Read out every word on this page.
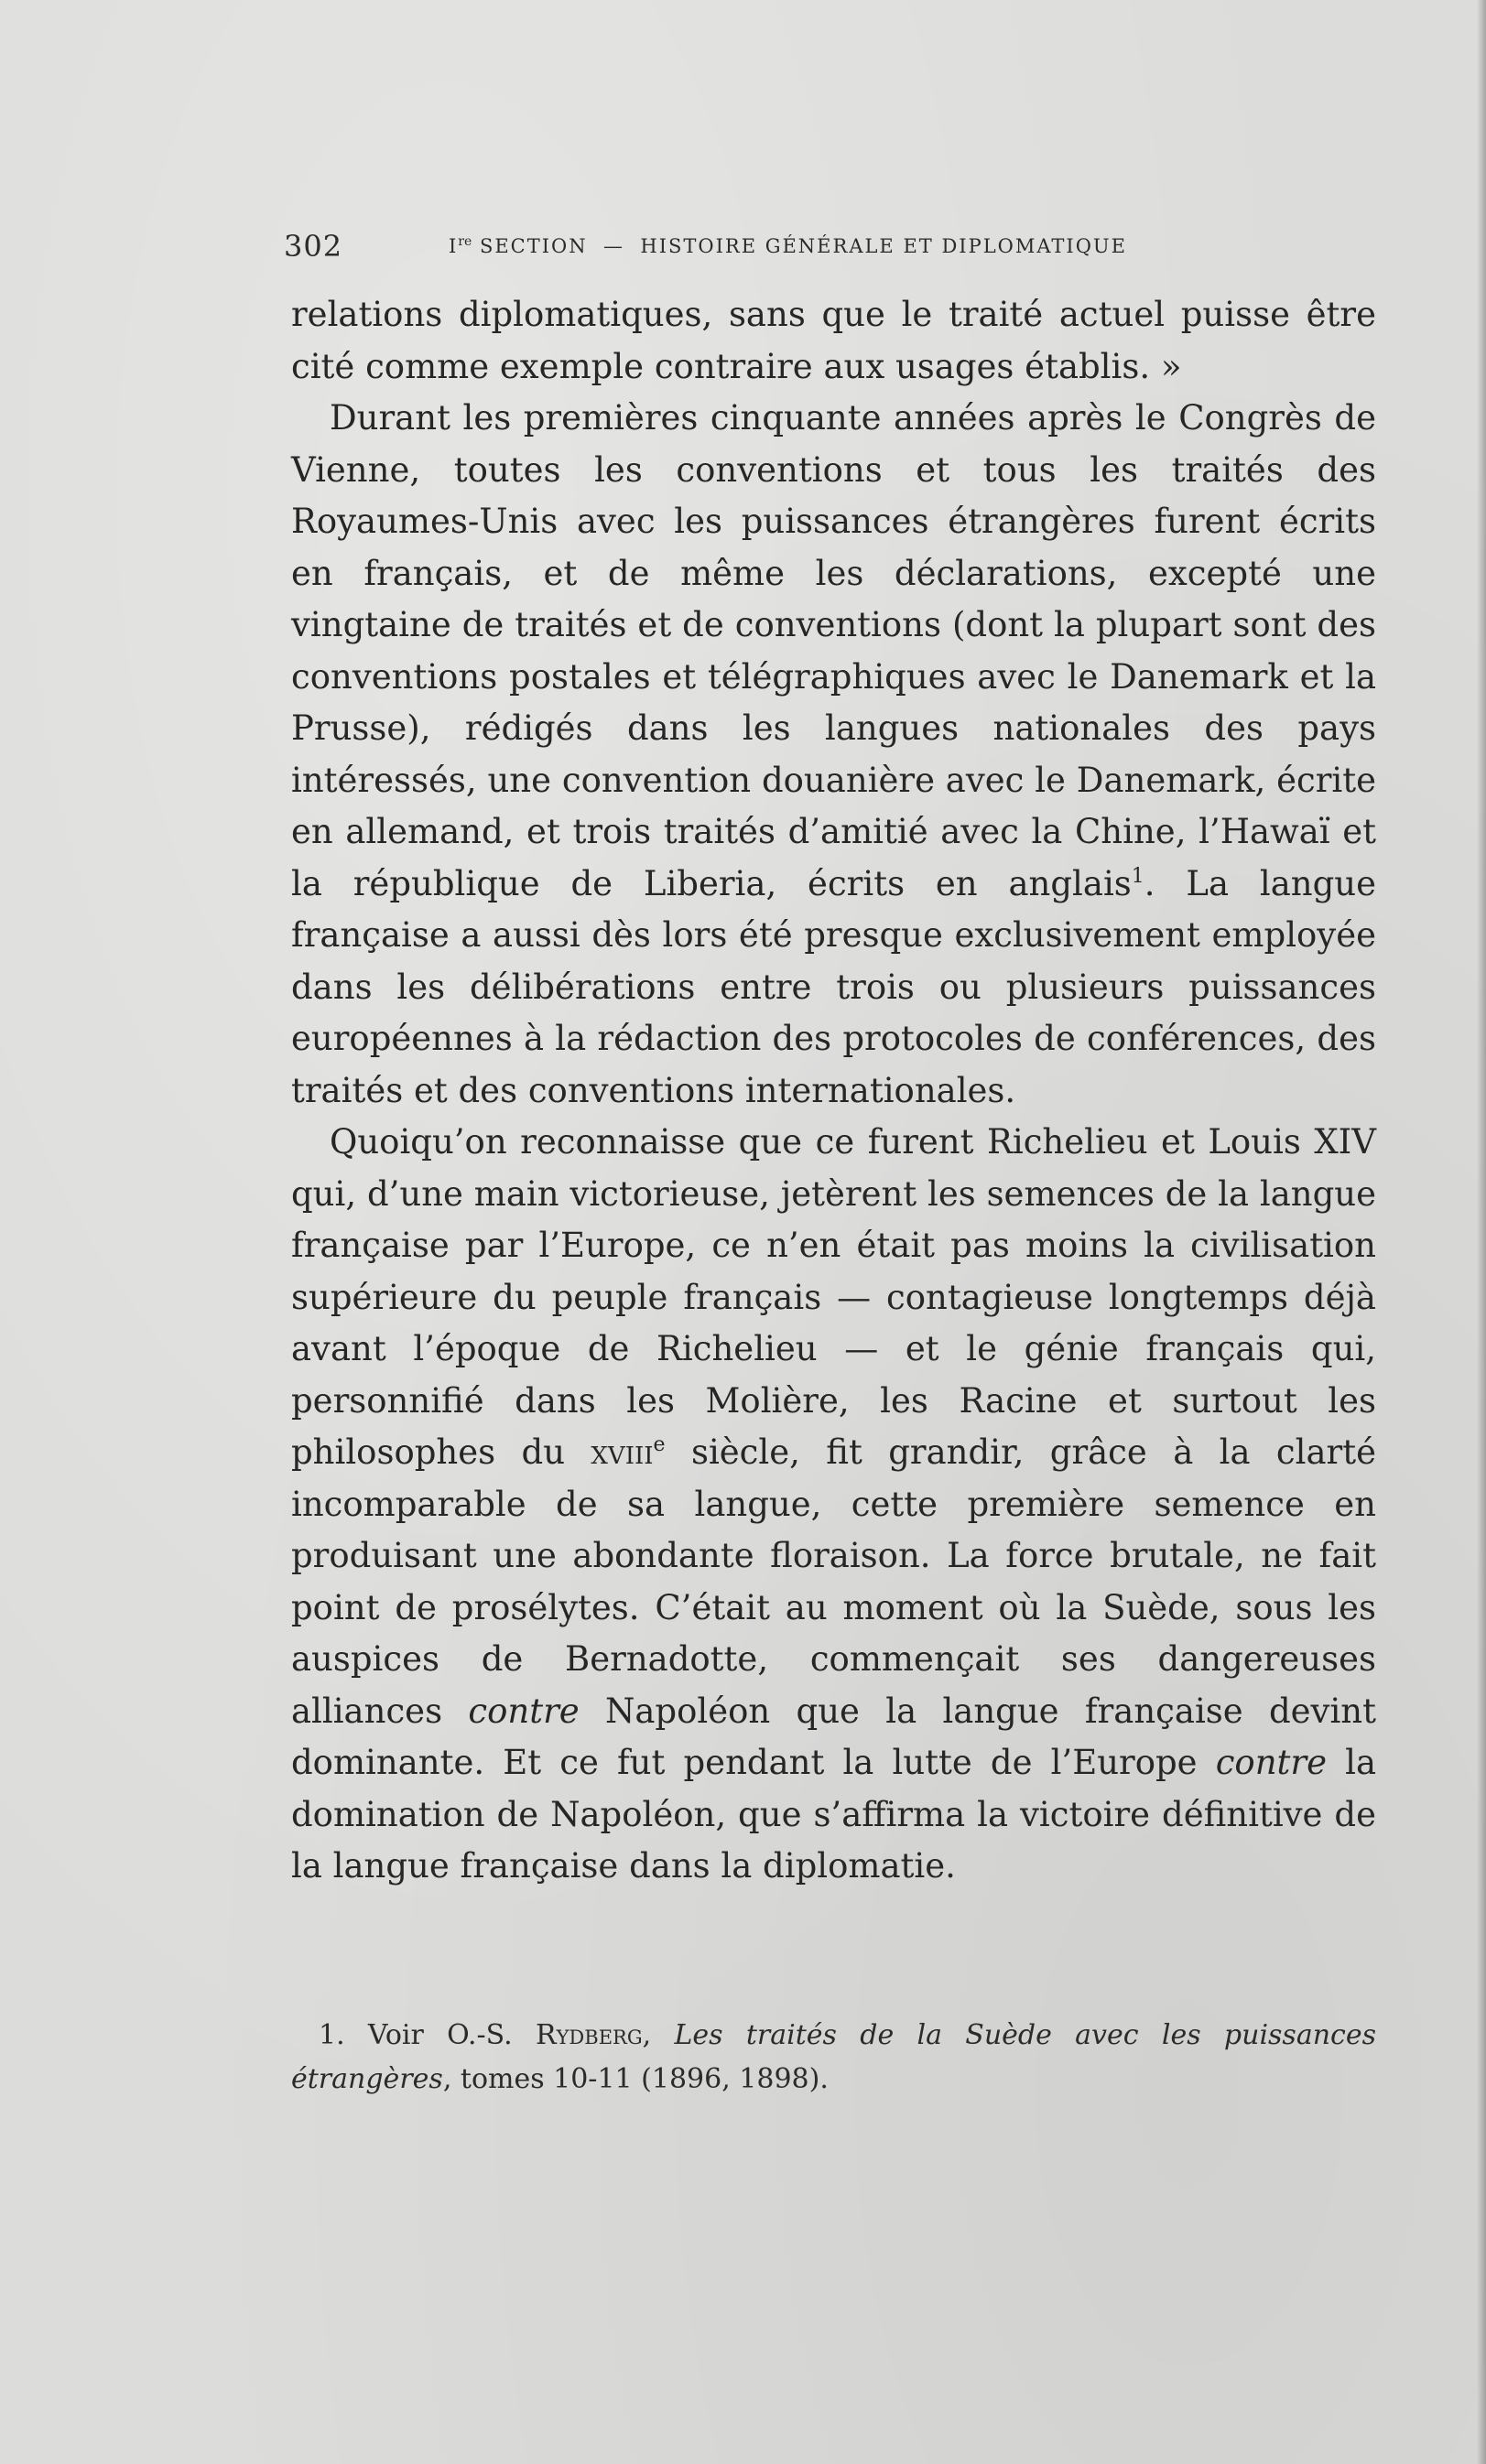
302	Ire SECTION — HISTOIRE GÉNÉRALE ET DIPLOMATIQUE

relations diplomatiques, sans que le traité actuel puisse être cité comme exemple contraire aux usages établis. »

Durant les premières cinquante années après le Congrès de Vienne, toutes les conventions et tous les traités des Royaumes-Unis avec les puissances étrangères furent écrits en français, et de même les déclarations, excepté une vingtaine de traités et de conventions (dont la plupart sont des conventions postales et télégraphiques avec le Danemark et la Prusse), rédigés dans les langues nationales des pays intéressés, une convention douanière avec le Danemark, écrite en allemand, et trois traités d’amitié avec la Chine, l’Hawaï et la république de Liberia, écrits en anglais$^1$. La langue française a aussi dès lors été presque exclusivement employée dans les délibérations entre trois ou plusieurs puissances européennes à la rédaction des protocoles de conférences, des traités et des conventions internationales.

Quoiqu’on reconnaisse que ce furent Richelieu et Louis XIV qui, d’une main victorieuse, jetèrent les semences de la langue française par l’Europe, ce n’en était pas moins la civilisation supérieure du peuple français — contagieuse longtemps déjà avant l’époque de Richelieu — et le génie français qui, personnifié dans les Molière, les Racine et surtout les philosophes du xviii$^e$ siècle, fit grandir, grâce à la clarté incomparable de sa langue, cette première semence en produisant une abondante floraison. La force brutale, ne fait point de prosélytes. C’était au moment où la Suède, sous les auspices de Bernadotte, commençait ses dangereuses alliances contre Napoléon que la langue française devint dominante. Et ce fut pendant la lutte de l’Europe contre la domination de Napoléon, que s’affirma la victoire définitive de la langue française dans la diplomatie.

1. Voir O.-S. Rydberg, Les traités de la Suède avec les puissances étrangères, tomes 10-11 (1896, 1898).
